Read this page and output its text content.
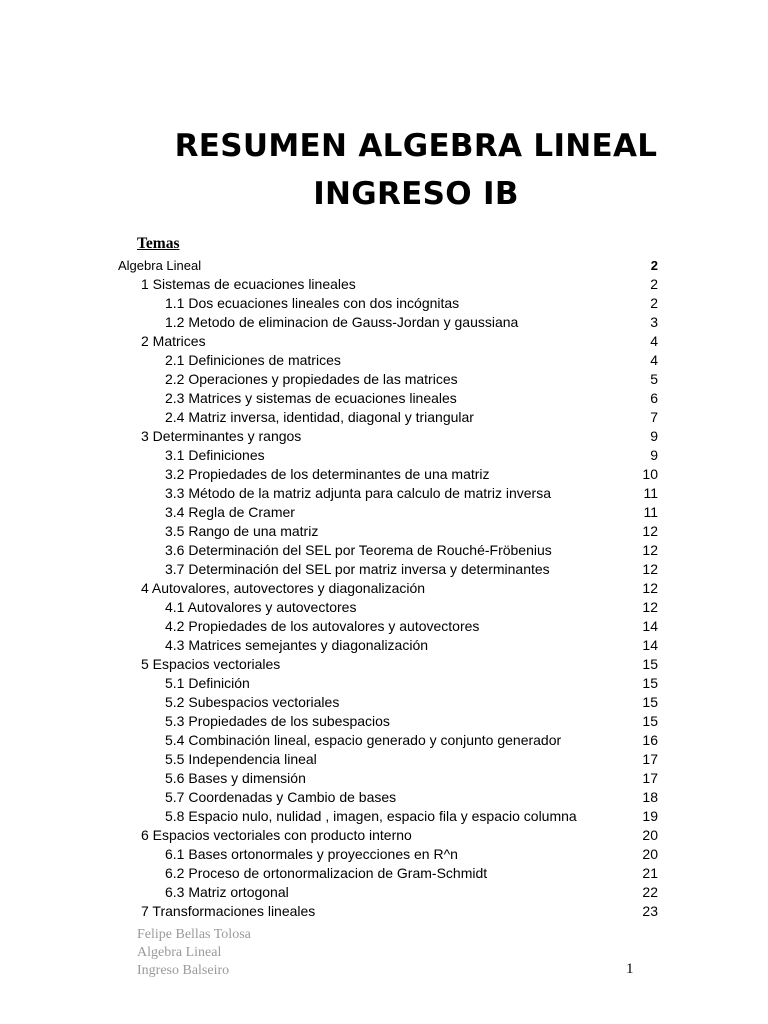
RESUMEN ALGEBRA LINEAL
INGRESO IB
Temas
Algebra Lineal	2
1 Sistemas de ecuaciones lineales	2
1.1 Dos ecuaciones lineales con dos incógnitas	2
1.2 Metodo de eliminacion de Gauss-Jordan y gaussiana	3
2 Matrices	4
2.1 Definiciones de matrices	4
2.2 Operaciones y propiedades de las matrices	5
2.3 Matrices y sistemas de ecuaciones lineales	6
2.4 Matriz inversa, identidad, diagonal y triangular	7
3 Determinantes y rangos	9
3.1 Definiciones	9
3.2 Propiedades de los determinantes de una matriz	10
3.3 Método de la matriz adjunta para calculo de matriz inversa	11
3.4 Regla de Cramer	11
3.5 Rango de una matriz	12
3.6 Determinación del SEL por Teorema de Rouché-Fröbenius	12
3.7 Determinación del SEL por matriz inversa y determinantes	12
4 Autovalores, autovectores y diagonalización	12
4.1 Autovalores y autovectores	12
4.2 Propiedades de los autovalores y autovectores	14
4.3 Matrices semejantes y diagonalización	14
5 Espacios vectoriales	15
5.1 Definición	15
5.2 Subespacios vectoriales	15
5.3 Propiedades de los subespacios	15
5.4 Combinación lineal, espacio generado y conjunto generador	16
5.5 Independencia lineal	17
5.6 Bases y dimensión	17
5.7 Coordenadas y Cambio de bases	18
5.8 Espacio nulo, nulidad , imagen, espacio fila y espacio columna	19
6 Espacios vectoriales con producto interno	20
6.1 Bases ortonormales y proyecciones en R^n	20
6.2 Proceso de ortonormalizacion de Gram-Schmidt	21
6.3 Matriz ortogonal	22
7 Transformaciones lineales	23
Felipe Bellas Tolosa
Algebra Lineal
Ingreso Balseiro	1
